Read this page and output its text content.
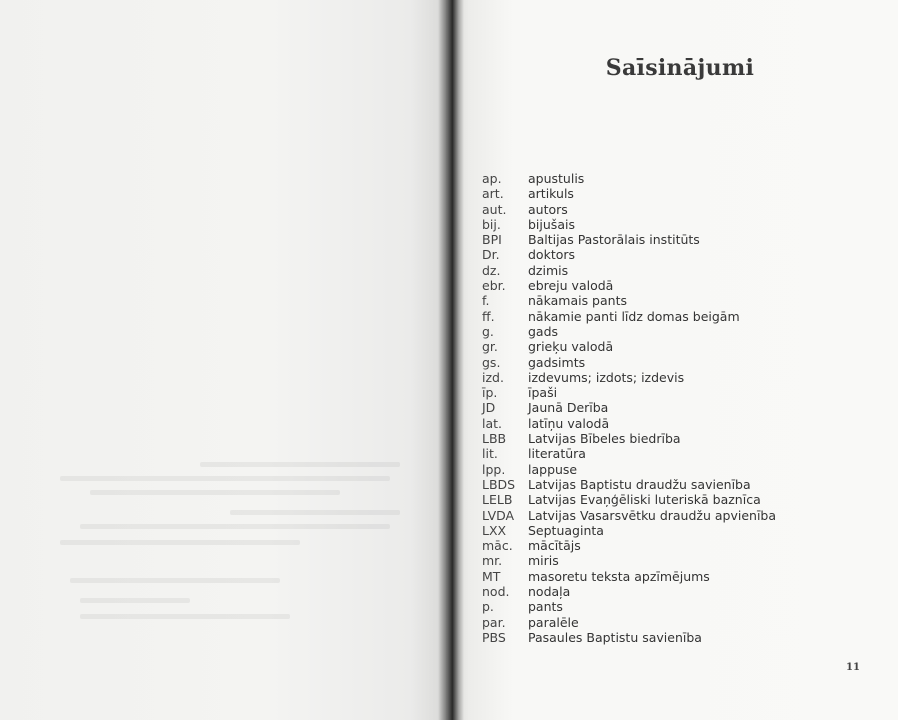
Saīsinājumi
ap.	apustulis
art.	artikuls
aut.	autors
bij.	bijušais
BPI	Baltijas Pastorālais institūts
Dr.	doktors
dz.	dzimis
ebr.	ebreju valodā
f.	nākamais pants
ff.	nākamie panti līdz domas beigām
g.	gads
gr.	grieķu valodā
gs.	gadsimts
izd.	izdevums; izdots; izdevis
īp.	īpaši
JD	Jaunā Derība
lat.	latīņu valodā
LBB	Latvijas Bībeles biedrība
lit.	literatūra
lpp.	lappuse
LBDS	Latvijas Baptistu draudžu savienība
LELB	Latvijas Evaņģēliski luteriskā baznīca
LVDA	Latvijas Vasarsvētku draudžu apvienība
LXX	Septuaginta
māc.	mācītājs
mr.	miris
MT	masoretu teksta apzīmējums
nod.	nodaļa
p.	pants
par.	paralēle
PBS	Pasaules Baptistu savienība
11
